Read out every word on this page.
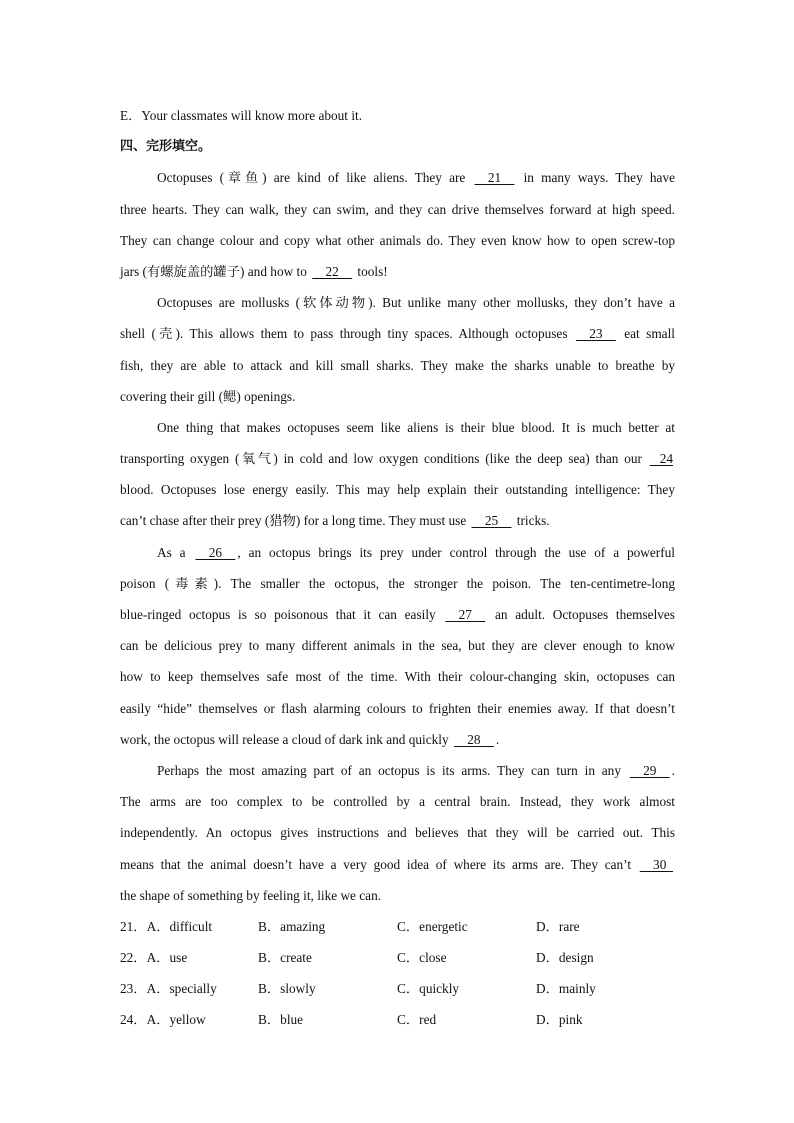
E．Your classmates will know more about it.
四、完形填空。
Octopuses (章鱼) are kind of like aliens. They are     21     in many ways. They have
three hearts. They can walk, they can swim, and they can drive themselves forward at high speed.
They can change colour and copy what other animals do. They even know how to open screw-top
jars (有螺旋盖的罐子) and how to     22     tools!
Octopuses are mollusks (软体动物). But unlike many other mollusks, they don’t have a
shell (壳). This allows them to pass through tiny spaces. Although octopuses     23     eat small
fish, they are able to attack and kill small sharks. They make the sharks unable to breathe by
covering their gill (鳃) openings.
One thing that makes octopuses seem like aliens is their blue blood. It is much better at
transporting oxygen (氧气) in cold and low oxygen conditions (like the deep sea) than our    24
blood. Octopuses lose energy easily. This may help explain their outstanding intelligence: They
can’t chase after their prey (猎物) for a long time. They must use     25     tricks.
As a     26    , an octopus brings its prey under control through the use of a powerful
poison (毒素). The smaller the octopus, the stronger the poison. The ten-centimetre-long
blue-ringed octopus is so poisonous that it can easily     27     an adult. Octopuses themselves
can be delicious prey to many different animals in the sea, but they are clever enough to know
how to keep themselves safe most of the time. With their colour-changing skin, octopuses can
easily “hide” themselves or flash alarming colours to frighten their enemies away. If that doesn’t
work, the octopus will release a cloud of dark ink and quickly     28    .
Perhaps the most amazing part of an octopus is its arms. They can turn in any     29    .
The arms are too complex to be controlled by a central brain. Instead, they work almost
independently. An octopus gives instructions and believes that they will be carried out. This
means that the animal doesn’t have a very good idea of where its arms are. They can’t     30
the shape of something by feeling it, like we can.
21．A．difficult	B．amazing	C．energetic	D．rare
22．A．use	B．create	C．close	D．design
23．A．specially	B．slowly	C．quickly	D．mainly
24．A．yellow	B．blue	C．red	D．pink
